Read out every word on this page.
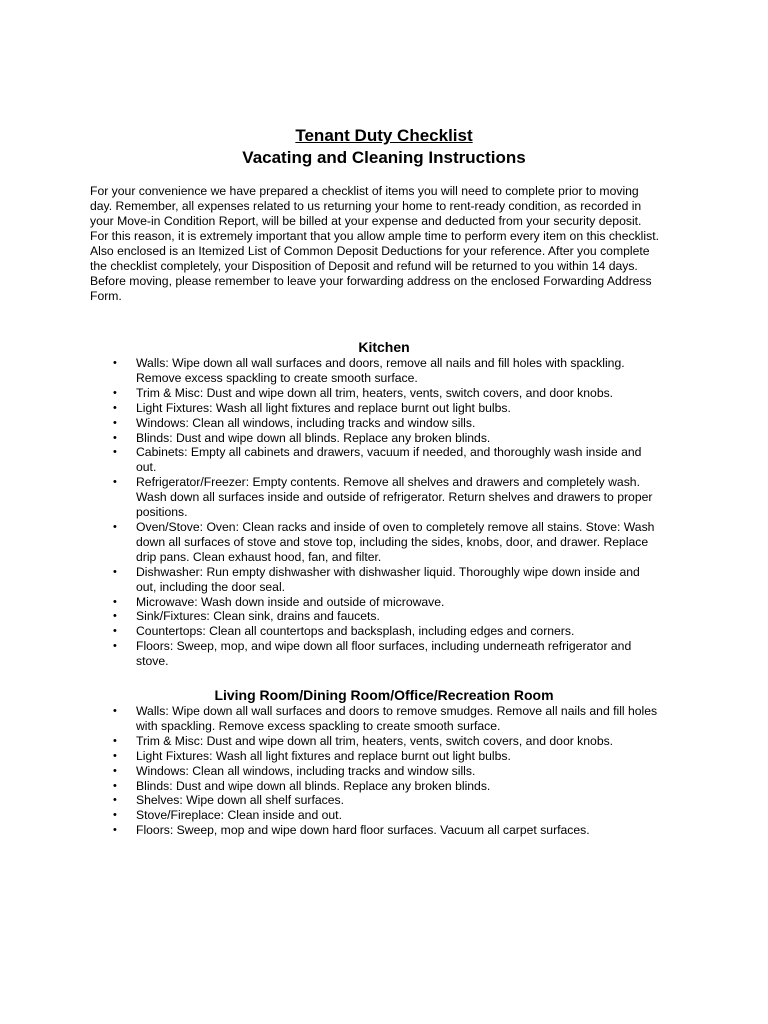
Tenant Duty Checklist
Vacating and Cleaning Instructions

For your convenience we have prepared a checklist of items you will need to complete prior to moving
day. Remember, all expenses related to us returning your home to rent-ready condition, as recorded in
your Move-in Condition Report, will be billed at your expense and deducted from your security deposit.
For this reason, it is extremely important that you allow ample time to perform every item on this checklist.
Also enclosed is an Itemized List of Common Deposit Deductions for your reference. After you complete
the checklist completely, your Disposition of Deposit and refund will be returned to you within 14 days.
Before moving, please remember to leave your forwarding address on the enclosed Forwarding Address
Form.

Kitchen
• Walls: Wipe down all wall surfaces and doors, remove all nails and fill holes with spackling.
Remove excess spackling to create smooth surface.
• Trim & Misc: Dust and wipe down all trim, heaters, vents, switch covers, and door knobs.
• Light Fixtures: Wash all light fixtures and replace burnt out light bulbs.
• Windows: Clean all windows, including tracks and window sills.
• Blinds: Dust and wipe down all blinds. Replace any broken blinds.
• Cabinets: Empty all cabinets and drawers, vacuum if needed, and thoroughly wash inside and
out.
• Refrigerator/Freezer: Empty contents. Remove all shelves and drawers and completely wash.
Wash down all surfaces inside and outside of refrigerator. Return shelves and drawers to proper
positions.
• Oven/Stove: Oven: Clean racks and inside of oven to completely remove all stains. Stove: Wash
down all surfaces of stove and stove top, including the sides, knobs, door, and drawer. Replace
drip pans. Clean exhaust hood, fan, and filter.
• Dishwasher: Run empty dishwasher with dishwasher liquid. Thoroughly wipe down inside and
out, including the door seal.
• Microwave: Wash down inside and outside of microwave.
• Sink/Fixtures: Clean sink, drains and faucets.
• Countertops: Clean all countertops and backsplash, including edges and corners.
• Floors: Sweep, mop, and wipe down all floor surfaces, including underneath refrigerator and
stove.
Living Room/Dining Room/Office/Recreation Room
• Walls: Wipe down all wall surfaces and doors to remove smudges. Remove all nails and fill holes
with spackling. Remove excess spackling to create smooth surface.
• Trim & Misc: Dust and wipe down all trim, heaters, vents, switch covers, and door knobs.
• Light Fixtures: Wash all light fixtures and replace burnt out light bulbs.
• Windows: Clean all windows, including tracks and window sills.
• Blinds: Dust and wipe down all blinds. Replace any broken blinds.
• Shelves: Wipe down all shelf surfaces.
• Stove/Fireplace: Clean inside and out.
• Floors: Sweep, mop and wipe down hard floor surfaces. Vacuum all carpet surfaces.
